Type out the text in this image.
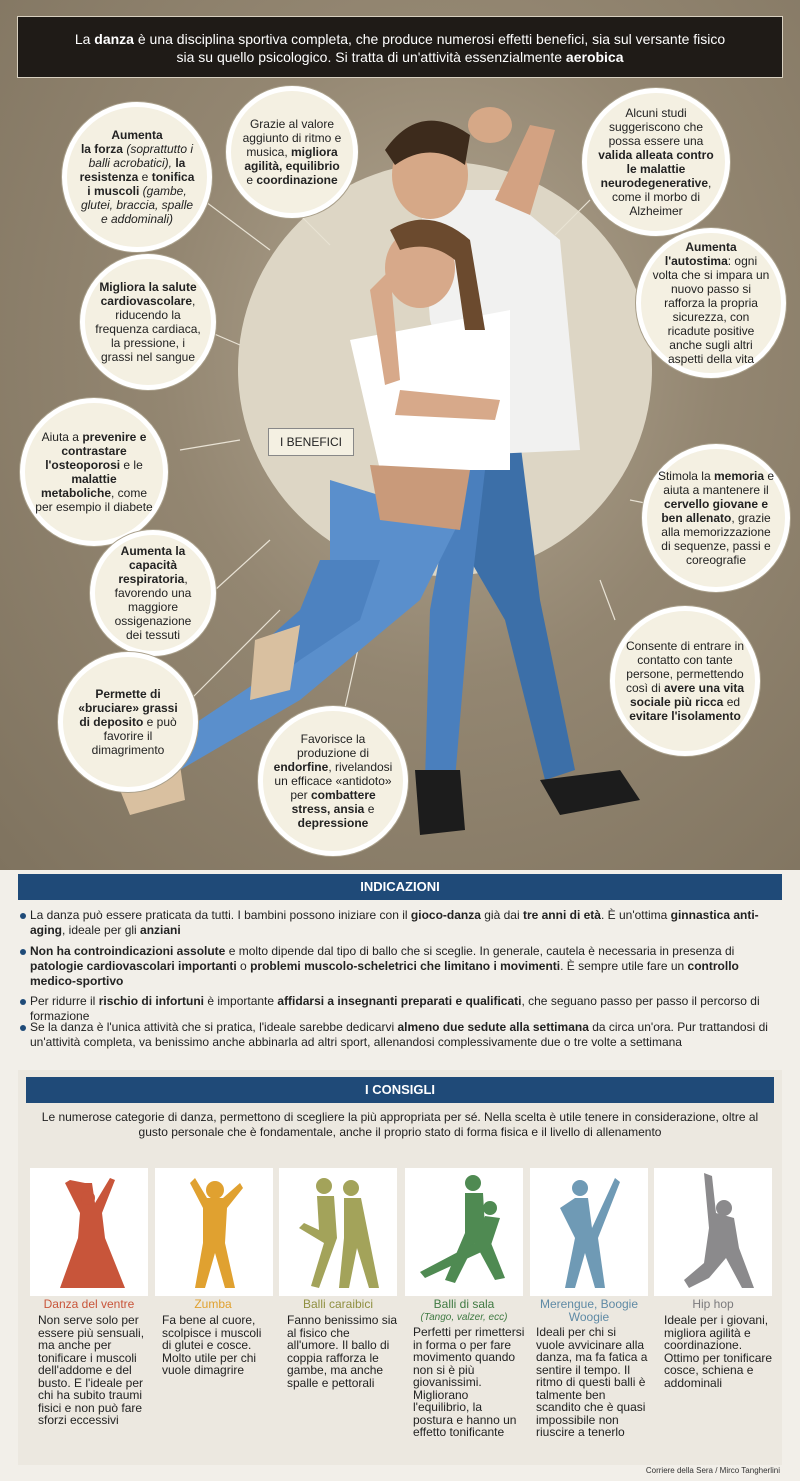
La danza è una disciplina sportiva completa, che produce numerosi effetti benefici, sia sul versante fisico
sia su quello psicologico. Si tratta di un'attività essenzialmente aerobica
I BENEFICI
Aumenta
la forza (soprattutto i balli acrobatici), la resistenza e tonifica i muscoli (gambe, glutei, braccia, spalle e addominali)
Grazie al valore aggiunto di ritmo e musica, migliora agilità, equilibrio e coordinazione
Alcuni studi suggeriscono che possa essere una valida alleata contro le malattie neurodegenerative, come il morbo di Alzheimer
Migliora la salute cardiovascolare, riducendo la frequenza cardiaca, la pressione, i grassi nel sangue
Aumenta l'autostima: ogni volta che si impara un nuovo passo si rafforza la propria sicurezza, con ricadute positive anche sugli altri aspetti della vita
Aiuta a prevenire e contrastare l'osteoporosi e le malattie metaboliche, come per esempio il diabete
Stimola la memoria e aiuta a mantenere il cervello giovane e ben allenato, grazie alla memorizzazione di sequenze, passi e coreografie
Aumenta la capacità respiratoria, favorendo una maggiore ossigenazione dei tessuti
Consente di entrare in contatto con tante persone, permettendo così di avere una vita sociale più ricca ed evitare l'isolamento
Permette di «bruciare» grassi di deposito e può favorire il dimagrimento
Favorisce la produzione di endorfine, rivelandosi un efficace «antidoto» per combattere stress, ansia e depressione
INDICAZIONI
La danza può essere praticata da tutti. I bambini possono iniziare con il gioco-danza già dai tre anni di età. È un'ottima ginnastica anti-aging, ideale per gli anziani
Non ha controindicazioni assolute e molto dipende dal tipo di ballo che si sceglie. In generale, cautela è necessaria in presenza di patologie cardiovascolari importanti o problemi muscolo-scheletrici che limitano i movimenti. È sempre utile fare un controllo medico-sportivo
Per ridurre il rischio di infortuni è importante affidarsi a insegnanti preparati e qualificati, che seguano passo per passo il percorso di formazione
Se la danza è l'unica attività che si pratica, l'ideale sarebbe dedicarvi almeno due sedute alla settimana da circa un'ora. Pur trattandosi di un'attività completa, va benissimo anche abbinarla ad altri sport, allenandosi complessivamente due o tre volte a settimana
I CONSIGLI
Le numerose categorie di danza, permettono di scegliere la più appropriata per sé. Nella scelta è utile tenere in considerazione, oltre al gusto personale che è fondamentale, anche il proprio stato di forma fisica e il livello di allenamento
Danza del ventre	Zumba	Balli caraibici	Balli di sala
(Tango, valzer, ecc)
Merengue, Boogie Woogie
Hip hop
Non serve solo per essere più sensuali, ma anche per tonificare i muscoli dell'addome e del busto. E l'ideale per chi ha subito traumi fisici e non può fare sforzi eccessivi
Fa bene al cuore, scolpisce i muscoli di glutei e cosce. Molto utile per chi vuole dimagrire
Fanno benissimo sia al fisico che all'umore. Il ballo di coppia rafforza le gambe, ma anche spalle e pettorali
Perfetti per rimettersi in forma o per fare movimento quando non si è più giovanissimi. Migliorano l'equilibrio, la postura e hanno un effetto tonificante
Ideali per chi si vuole avvicinare alla danza, ma fa fatica a sentire il tempo. Il ritmo di questi balli è talmente ben scandito che è quasi impossibile non riuscire a tenerlo
Ideale per i giovani, migliora agilità e coordinazione. Ottimo per tonificare cosce, schiena e addominali
Corriere della Sera / Mirco Tangherlini
